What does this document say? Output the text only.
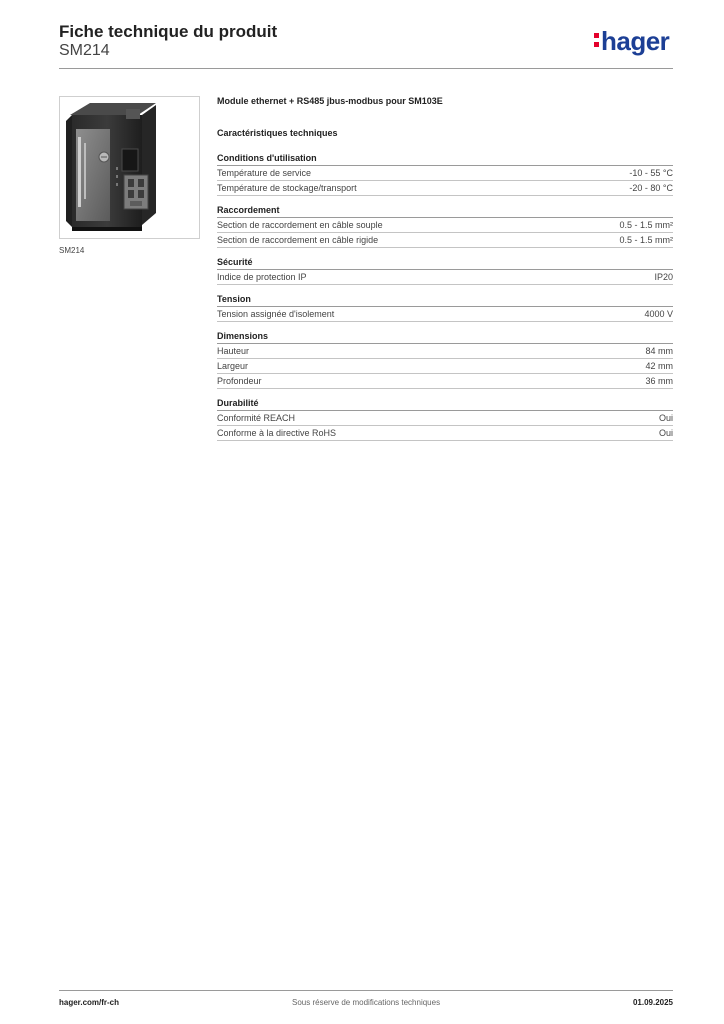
Fiche technique du produit
SM214	hager
SM214
Module ethernet + RS485 jbus-modbus pour SM103E
Caractéristiques techniques
Conditions d'utilisation
Température de service	-10 - 55 °C
Température de stockage/transport	-20 - 80 °C
Raccordement
Section de raccordement en câble souple	0.5 - 1.5 mm²
Section de raccordement en câble rigide	0.5 - 1.5 mm²
Sécurité
Indice de protection IP	IP20
Tension
Tension assignée d'isolement	4000 V
Dimensions
Hauteur	84 mm
Largeur	42 mm
Profondeur	36 mm
Durabilité
Conformité REACH	Oui
Conforme à la directive RoHS	Oui
hager.com/fr-ch	Sous réserve de modifications techniques	01.09.2025
